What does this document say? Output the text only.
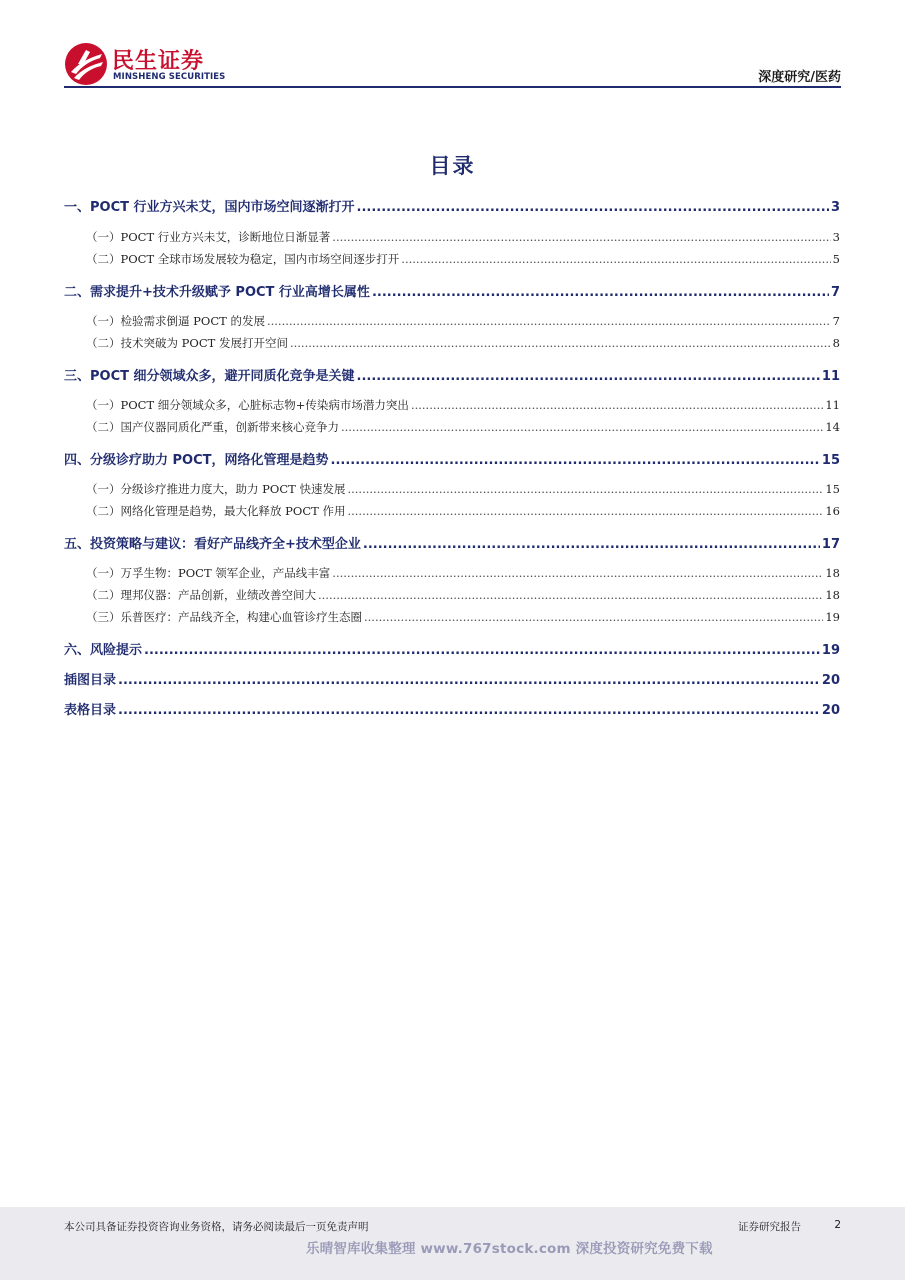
民生证券
MINSHENG SECURITIES	深度研究/医药
目录
一、POCT 行业方兴未艾，国内市场空间逐渐打开 .....	3
（一）POCT 行业方兴未艾，诊断地位日渐显著 .....	3
（二）POCT 全球市场发展较为稳定，国内市场空间逐步打开 .....	5
二、需求提升+技术升级赋予 POCT 行业高增长属性 .....	7
（一）检验需求倒逼 POCT 的发展 .....	7
（二）技术突破为 POCT 发展打开空间 .....	8
三、POCT 细分领域众多，避开同质化竞争是关键 .....	11
（一）POCT 细分领域众多，心脏标志物+传染病市场潜力突出 .....	11
（二）国产仪器同质化严重，创新带来核心竞争力 .....	14
四、分级诊疗助力 POCT，网络化管理是趋势 .....	15
（一）分级诊疗推进力度大，助力 POCT 快速发展 .....	15
（二）网络化管理是趋势，最大化释放 POCT 作用 .....	16
五、投资策略与建议：看好产品线齐全+技术型企业 .....	17
（一）万孚生物：POCT 领军企业，产品线丰富 .....	18
（二）理邦仪器：产品创新，业绩改善空间大 .....	18
（三）乐普医疗：产品线齐全，构建心血管诊疗生态圈 .....	19
六、风险提示 .....	19
插图目录 .....	20
表格目录 .....	20
本公司具备证券投资咨询业务资格，请务必阅读最后一页免责声明	证券研究报告	2
乐晴智库收集整理 www.767stock.com 深度投资研究免费下载
